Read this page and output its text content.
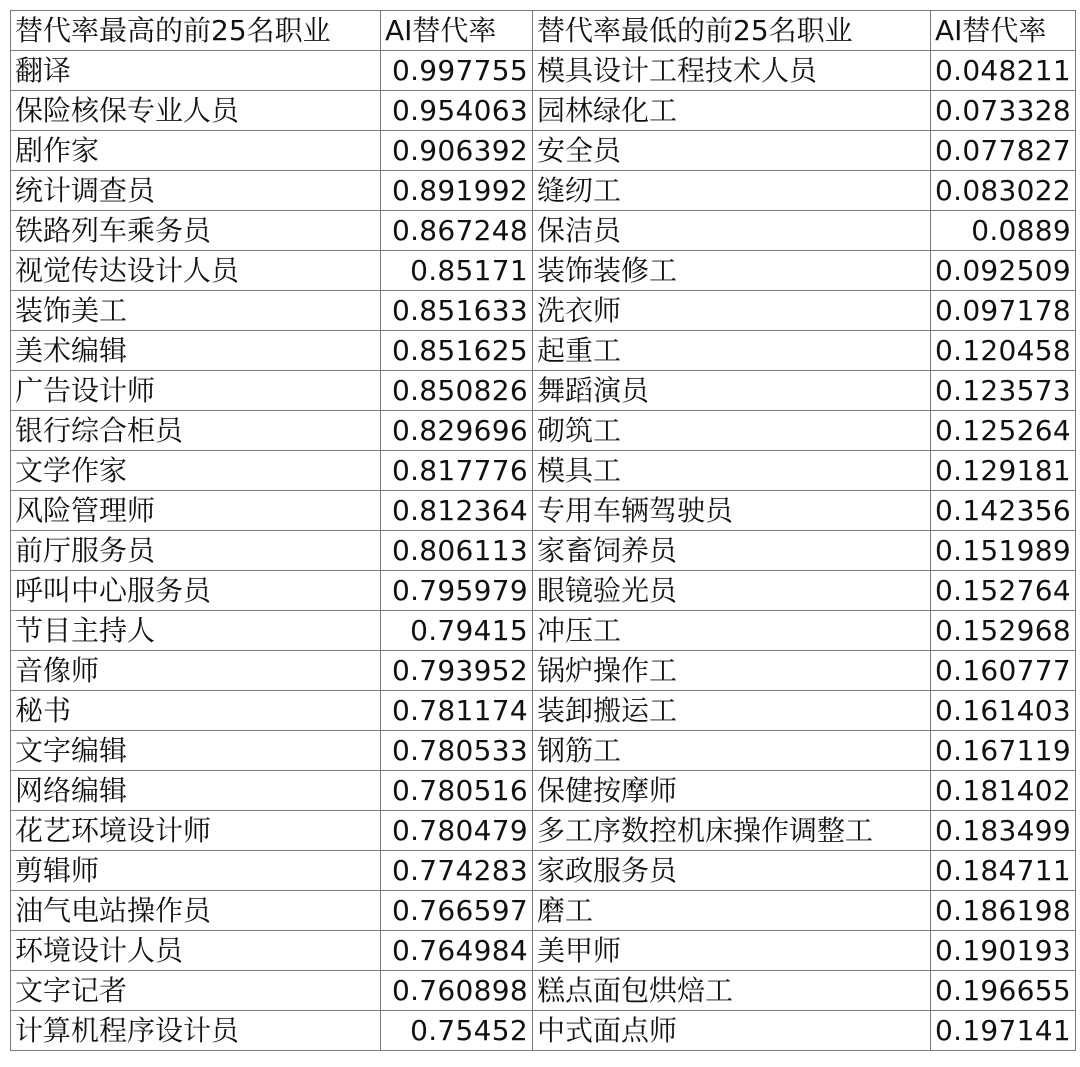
替代率最高的前25名职业	AI替代率	替代率最低的前25名职业	AI替代率
翻译	0.997755	模具设计工程技术人员	0.048211
保险核保专业人员	0.954063	园林绿化工	0.073328
剧作家	0.906392	安全员	0.077827
统计调查员	0.891992	缝纫工	0.083022
铁路列车乘务员	0.867248	保洁员	0.0889
视觉传达设计人员	0.85171	装饰装修工	0.092509
装饰美工	0.851633	洗衣师	0.097178
美术编辑	0.851625	起重工	0.120458
广告设计师	0.850826	舞蹈演员	0.123573
银行综合柜员	0.829696	砌筑工	0.125264
文学作家	0.817776	模具工	0.129181
风险管理师	0.812364	专用车辆驾驶员	0.142356
前厅服务员	0.806113	家畜饲养员	0.151989
呼叫中心服务员	0.795979	眼镜验光员	0.152764
节目主持人	0.79415	冲压工	0.152968
音像师	0.793952	锅炉操作工	0.160777
秘书	0.781174	装卸搬运工	0.161403
文字编辑	0.780533	钢筋工	0.167119
网络编辑	0.780516	保健按摩师	0.181402
花艺环境设计师	0.780479	多工序数控机床操作调整工	0.183499
剪辑师	0.774283	家政服务员	0.184711
油气电站操作员	0.766597	磨工	0.186198
环境设计人员	0.764984	美甲师	0.190193
文字记者	0.760898	糕点面包烘焙工	0.196655
计算机程序设计员	0.75452	中式面点师	0.197141
